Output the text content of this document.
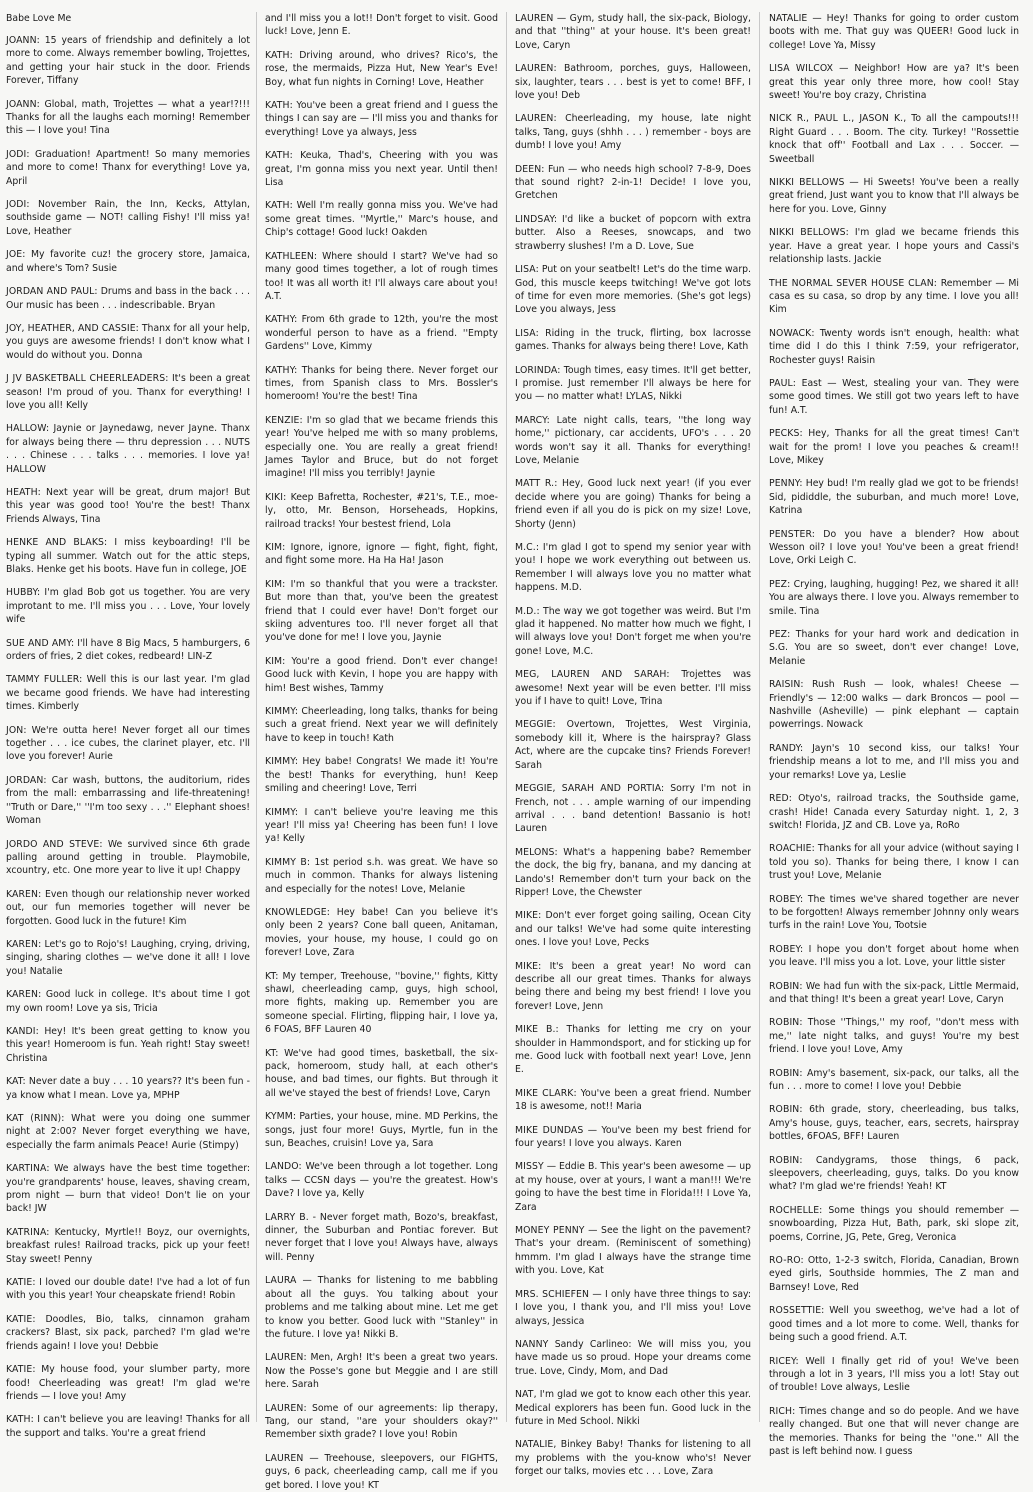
Babe Love Me
JOANN: 15 years of friendship and definitely a lot more to come. Always remember bowling, Trojettes, and getting your hair stuck in the door. Friends Forever, Tiffany
JOANN: Global, math, Trojettes — what a year!?!!! Thanks for all the laughs each morning! Remember this — I love you! Tina
JODI: Graduation! Apartment! So many memories and more to come! Thanx for everything! Love ya, April
JODI: November Rain, the Inn, Kecks, Attylan, southside game — NOT! calling Fishy! I'll miss ya! Love, Heather
JOE: My favorite cuz! the grocery store, Jamaica, and where's Tom? Susie
JORDAN AND PAUL: Drums and bass in the back . . . Our music has been . . . indescribable. Bryan
JOY, HEATHER, AND CASSIE: Thanx for all your help, you guys are awesome friends! I don't know what I would do without you. Donna
J JV BASKETBALL CHEERLEADERS: It's been a great season! I'm proud of you. Thanx for everything! I love you all! Kelly
HALLOW: Jaynie or Jaynedawg, never Jayne. Thanx for always being there — thru depression . . . NUTS . . . Chinese . . . talks . . . memories. I love ya! HALLOW
HEATH: Next year will be great, drum major! But this year was good too! You're the best! Thanx Friends Always, Tina
HENKE AND BLAKS: I miss keyboarding! I'll be typing all summer. Watch out for the attic steps, Blaks. Henke get his boots. Have fun in college, JOE
HUBBY: I'm glad Bob got us together. You are very improtant to me. I'll miss you . . . Love, Your lovely wife
SUE AND AMY: I'll have 8 Big Macs, 5 hamburgers, 6 orders of fries, 2 diet cokes, redbeard! LIN-Z
TAMMY FULLER: Well this is our last year. I'm glad we became good friends. We have had interesting times. Kimberly
JON: We're outta here! Never forget all our times together . . . ice cubes, the clarinet player, etc. I'll love you forever! Aurie
JORDAN: Car wash, buttons, the auditorium, rides from the mall: embarrassing and life-threatening! ''Truth or Dare,'' ''I'm too sexy . . .'' Elephant shoes! Woman
JORDO AND STEVE: We survived since 6th grade palling around getting in trouble. Playmobile, xcountry, etc. One more year to live it up! Chappy
KAREN: Even though our relationship never worked out, our fun memories together will never be forgotten. Good luck in the future! Kim
KAREN: Let's go to Rojo's! Laughing, crying, driving, singing, sharing clothes — we've done it all! I love you! Natalie
KAREN: Good luck in college. It's about time I got my own room! Love ya sis, Tricia
KANDI: Hey! It's been great getting to know you this year! Homeroom is fun. Yeah right! Stay sweet! Christina
KAT: Never date a buy . . . 10 years?? It's been fun - ya know what I mean. Love ya, MPHP
KAT (RINN): What were you doing one summer night at 2:00? Never forget everything we have, especially the farm animals Peace! Aurie (Stimpy)
KARTINA: We always have the best time together: you're grandparents' house, leaves, shaving cream, prom night — burn that video! Don't lie on your back! JW
KATRINA: Kentucky, Myrtle!! Boyz, our overnights, breakfast rules! Railroad tracks, pick up your feet! Stay sweet! Penny
KATIE: I loved our double date! I've had a lot of fun with you this year! Your cheapskate friend! Robin
KATIE: Doodles, Bio, talks, cinnamon graham crackers? Blast, six pack, parched? I'm glad we're friends again! I love you! Debbie
KATIE: My house food, your slumber party, more food! Cheerleading was great! I'm glad we're friends — I love you! Amy
KATH: I can't believe you are leaving! Thanks for all the support and talks. You're a great friend
and I'll miss you a lot!! Don't forget to visit. Good luck! Love, Jenn E.
KATH: Driving around, who drives? Rico's, the rose, the mermaids, Pizza Hut, New Year's Eve! Boy, what fun nights in Corning! Love, Heather
KATH: You've been a great friend and I guess the things I can say are — I'll miss you and thanks for everything! Love ya always, Jess
KATH: Keuka, Thad's, Cheering with you was great, I'm gonna miss you next year. Until then! Lisa
KATH: Well I'm really gonna miss you. We've had some great times. ''Myrtle,'' Marc's house, and Chip's cottage! Good luck! Oakden
KATHLEEN: Where should I start? We've had so many good times together, a lot of rough times too! It was all worth it! I'll always care about you! A.T.
KATHY: From 6th grade to 12th, you're the most wonderful person to have as a friend. ''Empty Gardens'' Love, Kimmy
KATHY: Thanks for being there. Never forget our times, from Spanish class to Mrs. Bossler's homeroom! You're the best! Tina
KENZIE: I'm so glad that we became friends this year! You've helped me with so many problems, especially one. You are really a great friend! James Taylor and Bruce, but do not forget imagine! I'll miss you terribly! Jaynie
KIKI: Keep Bafretta, Rochester, #21's, T.E., moe-ly, otto, Mr. Benson, Horseheads, Hopkins, railroad tracks! Your bestest friend, Lola
KIM: Ignore, ignore, ignore — fight, fight, fight, and fight some more. Ha Ha Ha! Jason
KIM: I'm so thankful that you were a trackster. But more than that, you've been the greatest friend that I could ever have! Don't forget our skiing adventures too. I'll never forget all that you've done for me! I love you, Jaynie
KIM: You're a good friend. Don't ever change! Good luck with Kevin, I hope you are happy with him! Best wishes, Tammy
KIMMY: Cheerleading, long talks, thanks for being such a great friend. Next year we will definitely have to keep in touch! Kath
KIMMY: Hey babe! Congrats! We made it! You're the best! Thanks for everything, hun! Keep smiling and cheering! Love, Terri
KIMMY: I can't believe you're leaving me this year! I'll miss ya! Cheering has been fun! I love ya! Kelly
KIMMY B: 1st period s.h. was great. We have so much in common. Thanks for always listening and especially for the notes! Love, Melanie
KNOWLEDGE: Hey babe! Can you believe it's only been 2 years? Cone ball queen, Anitaman, movies, your house, my house, I could go on forever! Love, Zara
KT: My temper, Treehouse, ''bovine,'' fights, Kitty shawl, cheerleading camp, guys, high school, more fights, making up. Remember you are someone special. Flirting, flipping hair, I love ya, 6 FOAS, BFF Lauren 40
KT: We've had good times, basketball, the six-pack, homeroom, study hall, at each other's house, and bad times, our fights. But through it all we've stayed the best of friends! Love, Caryn
KYMM: Parties, your house, mine. MD Perkins, the songs, just four more! Guys, Myrtle, fun in the sun, Beaches, cruisin! Love ya, Sara
LANDO: We've been through a lot together. Long talks — CCSN days — you're the greatest. How's Dave? I love ya, Kelly
LARRY B. - Never forget math, Bozo's, breakfast, dinner, the Suburban and Pontiac forever. But never forget that I love you! Always have, always will. Penny
LAURA — Thanks for listening to me babbling about all the guys. You talking about your problems and me talking about mine. Let me get to know you better. Good luck with ''Stanley'' in the future. I love ya! Nikki B.
LAUREN: Men, Argh! It's been a great two years. Now the Posse's gone but Meggie and I are still here. Sarah
LAUREN: Some of our agreements: lip therapy, Tang, our stand, ''are your shoulders okay?'' Remember sixth grade? I love you! Robin
LAUREN — Treehouse, sleepovers, our FIGHTS, guys, 6 pack, cheerleading camp, call me if you get bored. I love you! KT
LAUREN — Gym, study hall, the six-pack, Biology, and that ''thing'' at your house. It's been great! Love, Caryn
LAUREN: Bathroom, porches, guys, Halloween, six, laughter, tears . . . best is yet to come! BFF, I love you! Deb
LAUREN: Cheerleading, my house, late night talks, Tang, guys (shhh . . . ) remember - boys are dumb! I love you! Amy
DEEN: Fun — who needs high school? 7-8-9, Does that sound right? 2-in-1! Decide! I love you, Gretchen
LINDSAY: I'd like a bucket of popcorn with extra butter. Also a Reeses, snowcaps, and two strawberry slushes! I'm a D. Love, Sue
LISA: Put on your seatbelt! Let's do the time warp. God, this muscle keeps twitching! We've got lots of time for even more memories. (She's got legs) Love you always, Jess
LISA: Riding in the truck, flirting, box lacrosse games. Thanks for always being there! Love, Kath
LORINDA: Tough times, easy times. It'll get better, I promise. Just remember I'll always be here for you — no matter what! LYLAS, Nikki
MARCY: Late night calls, tears, ''the long way home,'' pictionary, car accidents, UFO's . . . 20 words won't say it all. Thanks for everything! Love, Melanie
MATT R.: Hey, Good luck next year! (if you ever decide where you are going) Thanks for being a friend even if all you do is pick on my size! Love, Shorty (Jenn)
M.C.: I'm glad I got to spend my senior year with you! I hope we work everything out between us. Remember I will always love you no matter what happens. M.D.
M.D.: The way we got together was weird. But I'm glad it happened. No matter how much we fight, I will always love you! Don't forget me when you're gone! Love, M.C.
MEG, LAUREN AND SARAH: Trojettes was awesome! Next year will be even better. I'll miss you if I have to quit! Love, Trina
MEGGIE: Overtown, Trojettes, West Virginia, somebody kill it, Where is the hairspray? Glass Act, where are the cupcake tins? Friends Forever! Sarah
MEGGIE, SARAH AND PORTIA: Sorry I'm not in French, not . . . ample warning of our impending arrival . . . band detention! Bassanio is hot! Lauren
MELONS: What's a happening babe? Remember the dock, the big fry, banana, and my dancing at Lando's! Remember don't turn your back on the Ripper! Love, the Chewster
MIKE: Don't ever forget going sailing, Ocean City and our talks! We've had some quite interesting ones. I love you! Love, Pecks
MIKE: It's been a great year! No word can describe all our great times. Thanks for always being there and being my best friend! I love you forever! Love, Jenn
MIKE B.: Thanks for letting me cry on your shoulder in Hammondsport, and for sticking up for me. Good luck with football next year! Love, Jenn E.
MIKE CLARK: You've been a great friend. Number 18 is awesome, not!! Maria
MIKE DUNDAS — You've been my best friend for four years! I love you always. Karen
MISSY — Eddie B. This year's been awesome — up at my house, over at yours, I want a man!!! We're going to have the best time in Florida!!! I Love Ya, Zara
MONEY PENNY — See the light on the pavement? That's your dream. (Reminiscent of something) hmmm. I'm glad I always have the strange time with you. Love, Kat
MRS. SCHIEFEN — I only have three things to say: I love you, I thank you, and I'll miss you! Love always, Jessica
NANNY Sandy Carlineo: We will miss you, you have made us so proud. Hope your dreams come true. Love, Cindy, Mom, and Dad
NAT, I'm glad we got to know each other this year. Medical explorers has been fun. Good luck in the future in Med School. Nikki
NATALIE, Binkey Baby! Thanks for listening to all my problems with the you-know who's! Never forget our talks, movies etc . . . Love, Zara
NATALIE — Hey! Thanks for going to order custom boots with me. That guy was QUEER! Good luck in college! Love Ya, Missy
LISA WILCOX — Neighbor! How are ya? It's been great this year only three more, how cool! Stay sweet! You're boy crazy, Christina
NICK R., PAUL L., JASON K., To all the campouts!!! Right Guard . . . Boom. The city. Turkey! ''Rossettie knock that off'' Football and Lax . . . Soccer. — Sweetball
NIKKI BELLOWS — Hi Sweets! You've been a really great friend, Just want you to know that I'll always be here for you. Love, Ginny
NIKKI BELLOWS: I'm glad we became friends this year. Have a great year. I hope yours and Cassi's relationship lasts. Jackie
THE NORMAL SEVER HOUSE CLAN: Remember — Mi casa es su casa, so drop by any time. I love you all! Kim
NOWACK: Twenty words isn't enough, health: what time did I do this I think 7:59, your refrigerator, Rochester guys! Raisin
PAUL: East — West, stealing your van. They were some good times. We still got two years left to have fun! A.T.
PECKS: Hey, Thanks for all the great times! Can't wait for the prom! I love you peaches & cream!! Love, Mikey
PENNY: Hey bud! I'm really glad we got to be friends! Sid, pididdle, the suburban, and much more! Love, Katrina
PENSTER: Do you have a blender? How about Wesson oil? I love you! You've been a great friend! Love, Orki Leigh C.
PEZ: Crying, laughing, hugging! Pez, we shared it all! You are always there. I love you. Always remember to smile. Tina
PEZ: Thanks for your hard work and dedication in S.G. You are so sweet, don't ever change! Love, Melanie
RAISIN: Rush Rush — look, whales! Cheese — Friendly's — 12:00 walks — dark Broncos — pool — Nashville (Asheville) — pink elephant — captain powerrings. Nowack
RANDY: Jayn's 10 second kiss, our talks! Your friendship means a lot to me, and I'll miss you and your remarks! Love ya, Leslie
RED: Otyo's, railroad tracks, the Southside game, crash! Hide! Canada every Saturday night. 1, 2, 3 switch! Florida, JZ and CB. Love ya, RoRo
ROACHIE: Thanks for all your advice (without saying I told you so). Thanks for being there, I know I can trust you! Love, Melanie
ROBEY: The times we've shared together are never to be forgotten! Always remember Johnny only wears turfs in the rain! Love You, Tootsie
ROBEY: I hope you don't forget about home when you leave. I'll miss you a lot. Love, your little sister
ROBIN: We had fun with the six-pack, Little Mermaid, and that thing! It's been a great year! Love, Caryn
ROBIN: Those ''Things,'' my roof, ''don't mess with me,'' late night talks, and guys! You're my best friend. I love you! Love, Amy
ROBIN: Amy's basement, six-pack, our talks, all the fun . . . more to come! I love you! Debbie
ROBIN: 6th grade, story, cheerleading, bus talks, Amy's house, guys, teacher, ears, secrets, hairspray bottles, 6FOAS, BFF! Lauren
ROBIN: Candygrams, those things, 6 pack, sleepovers, cheerleading, guys, talks. Do you know what? I'm glad we're friends! Yeah! KT
ROCHELLE: Some things you should remember — snowboarding, Pizza Hut, Bath, park, ski slope zit, poems, Corrine, JG, Pete, Greg, Veronica
RO-RO: Otto, 1-2-3 switch, Florida, Canadian, Brown eyed girls, Southside hommies, The Z man and Barnsey! Love, Red
ROSSETTIE: Well you sweethog, we've had a lot of good times and a lot more to come. Well, thanks for being such a good friend. A.T.
RICEY: Well I finally get rid of you! We've been through a lot in 3 years, I'll miss you a lot! Stay out of trouble! Love always, Leslie
RICH: Times change and so do people. And we have really changed. But one that will never change are the memories. Thanks for being the ''one.'' All the past is left behind now. I guess
